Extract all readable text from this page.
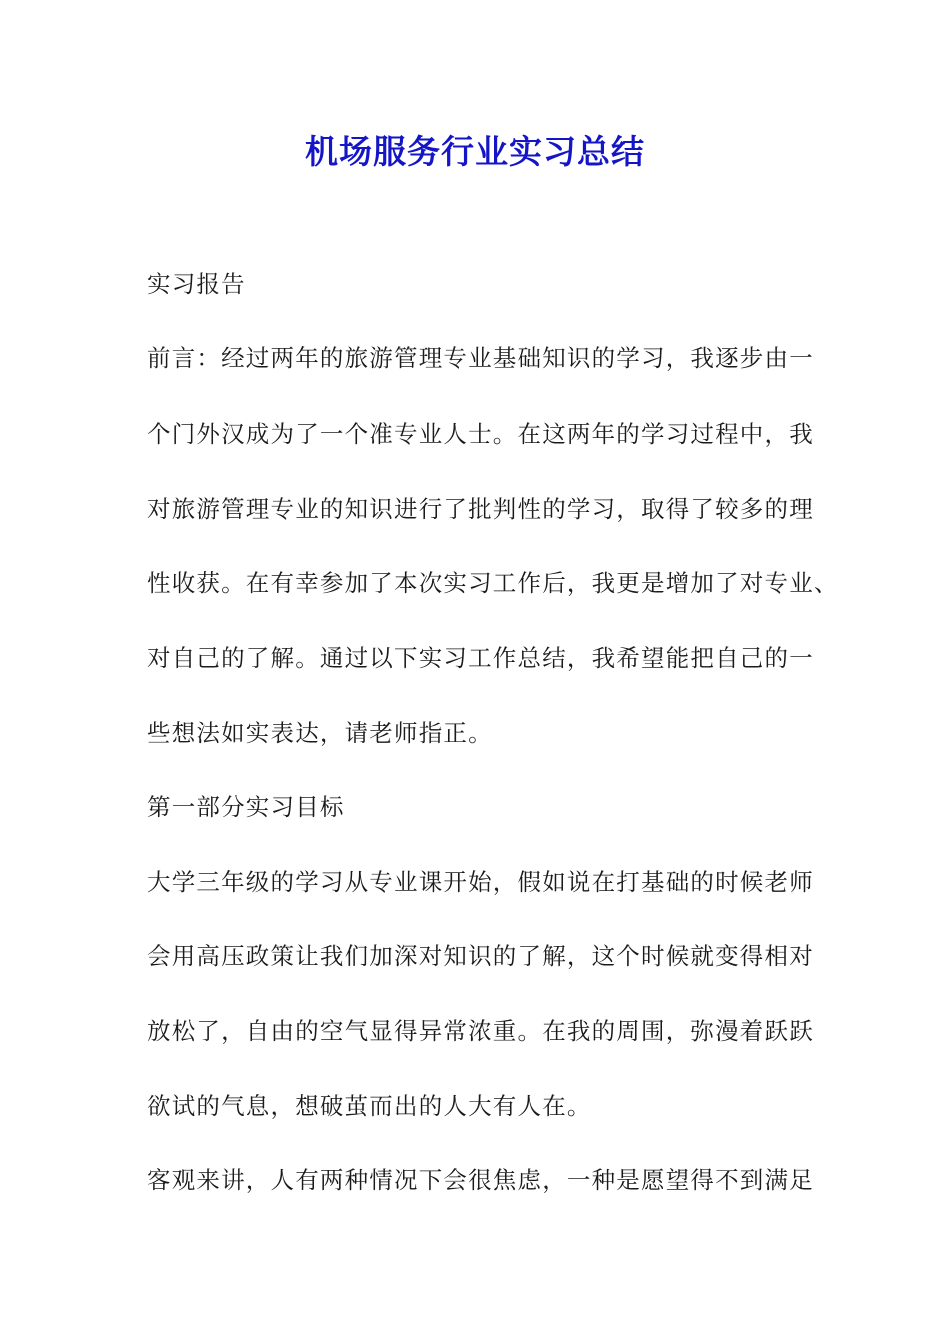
机场服务行业实习总结

实习报告

前言：经过两年的旅游管理专业基础知识的学习，我逐步由一

个门外汉成为了一个准专业人士。在这两年的学习过程中，我

对旅游管理专业的知识进行了批判性的学习，取得了较多的理

性收获。在有幸参加了本次实习工作后，我更是增加了对专业、

对自己的了解。通过以下实习工作总结，我希望能把自己的一

些想法如实表达，请老师指正。

第一部分实习目标

大学三年级的学习从专业课开始，假如说在打基础的时候老师

会用高压政策让我们加深对知识的了解，这个时候就变得相对

放松了，自由的空气显得异常浓重。在我的周围，弥漫着跃跃

欲试的气息，想破茧而出的人大有人在。

客观来讲，人有两种情况下会很焦虑，一种是愿望得不到满足
